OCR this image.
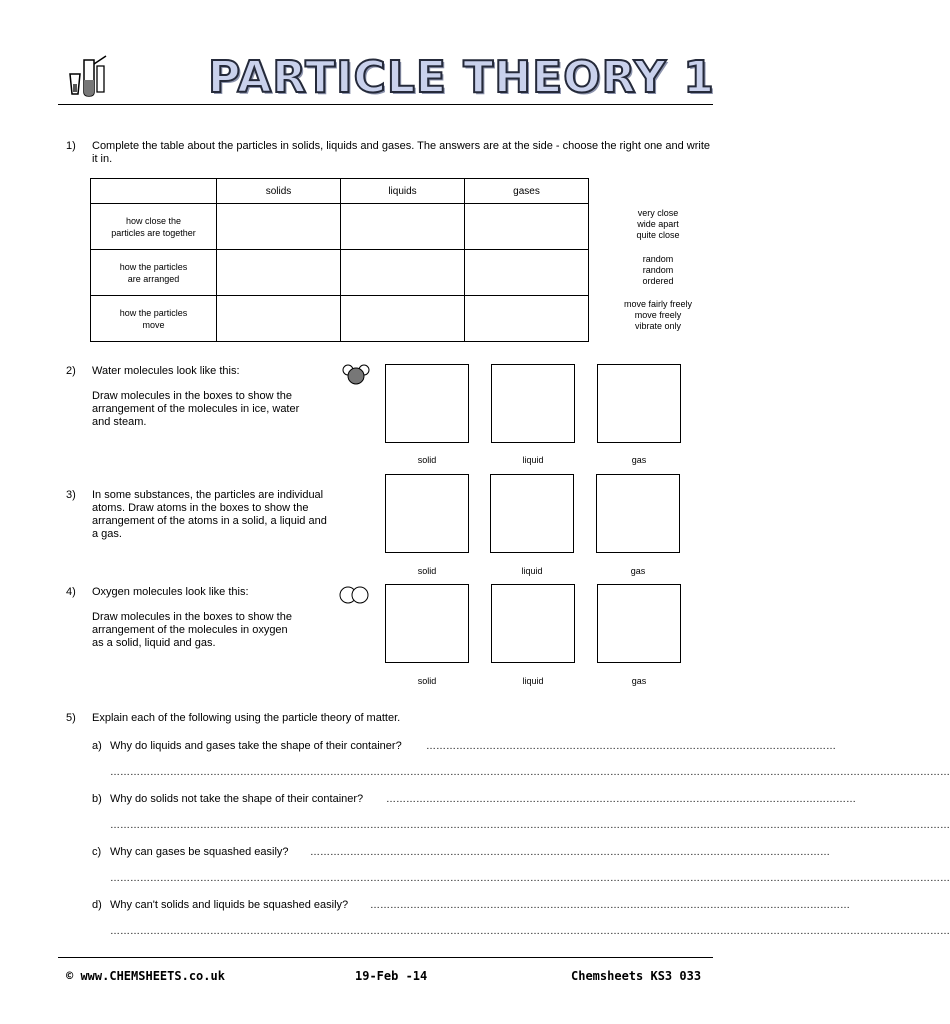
PARTICLE THEORY 1
1) Complete the table about the particles in solids, liquids and gases. The answers are at the side - choose the right one and write it in.
	solids	liquids	gases

how close the
particles are together			

how the particles
are arranged			

how the particles
move			

very close
wide apart
quite close
random
random
ordered
move fairly freely
move freely
vibrate only
2) Water molecules look like this:
Draw molecules in the boxes to show the
arrangement of the molecules in ice, water
and steam.
solid	liquid	gas
3) In some substances, the particles are individual
atoms. Draw atoms in the boxes to show the
arrangement of the atoms in a solid, a liquid and
a gas.
solid	liquid	gas
4) Oxygen molecules look like this:
Draw molecules in the boxes to show the
arrangement of the molecules in oxygen
as a solid, liquid and gas.
solid	liquid	gas
5) Explain each of the following using the particle theory of matter.
a) Why do liquids and gases take the shape of their container? ……………………………………………………………………………………………………………
………………………………………………………………………………………………………………………………………………………………………………………………………………………………
b) Why do solids not take the shape of their container? ……………………………………………………………………………………………………………………………
………………………………………………………………………………………………………………………………………………………………………………………………………………………………
c) Why can gases be squashed easily? …………………………………………………………………………………………………………………………………………
………………………………………………………………………………………………………………………………………………………………………………………………………………………………
d) Why can't solids and liquids be squashed easily? ………………………………………………………………………………………………………………………………
………………………………………………………………………………………………………………………………………………………………………………………………………………………………
© www.CHEMSHEETS.co.uk	19-Feb -14	Chemsheets KS3 033
